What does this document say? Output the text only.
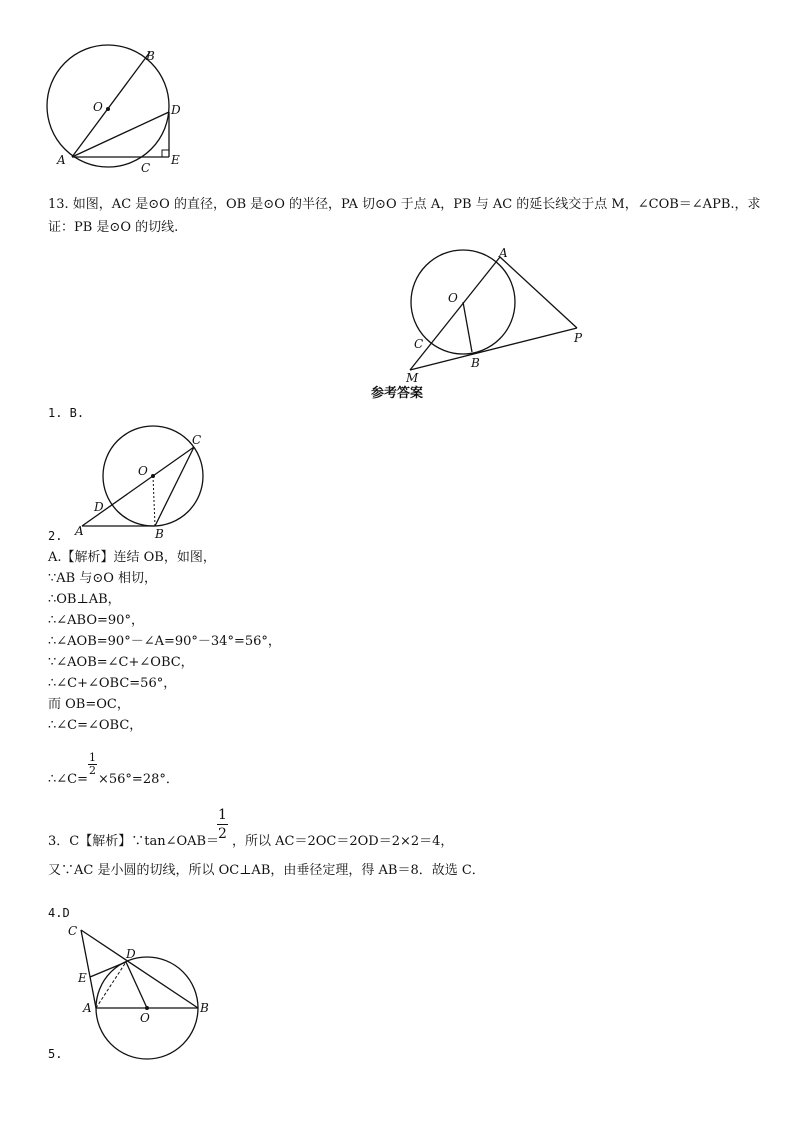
B
O	D
A
C
E
13. 如图，AC 是⊙O 的直径，OB 是⊙O 的半径，PA 切⊙O 于点 A，PB 与 AC 的延长线交于点 M，∠COB＝∠APB.，求
证：PB 是⊙O 的切线.
A
O
P
C
B
M
参考答案
1. B.
C
O
D
A	B
2.
A.【解析】连结 OB，如图，
∵AB 与⊙O 相切，
∴OB⊥AB，
∴∠ABO=90°，
∴∠AOB=90°－∠A=90°－34°=56°，
∵∠AOB=∠C+∠OBC，
∴∠C+∠OBC=56°，
而 OB=OC，
∴∠C=∠OBC，
∴∠C=
$\frac{1}{2}$
×56°=28°．
3．C【解析】∵tan∠OAB＝
$\frac{1}{2}$ ，所以 AC＝2OC＝2OD＝2×2＝4，
又∵AC 是小圆的切线，所以 OC⊥AB，由垂径定理，得 AB＝8．故选 C．
4.D
C
D
E
A
O
B
5.
